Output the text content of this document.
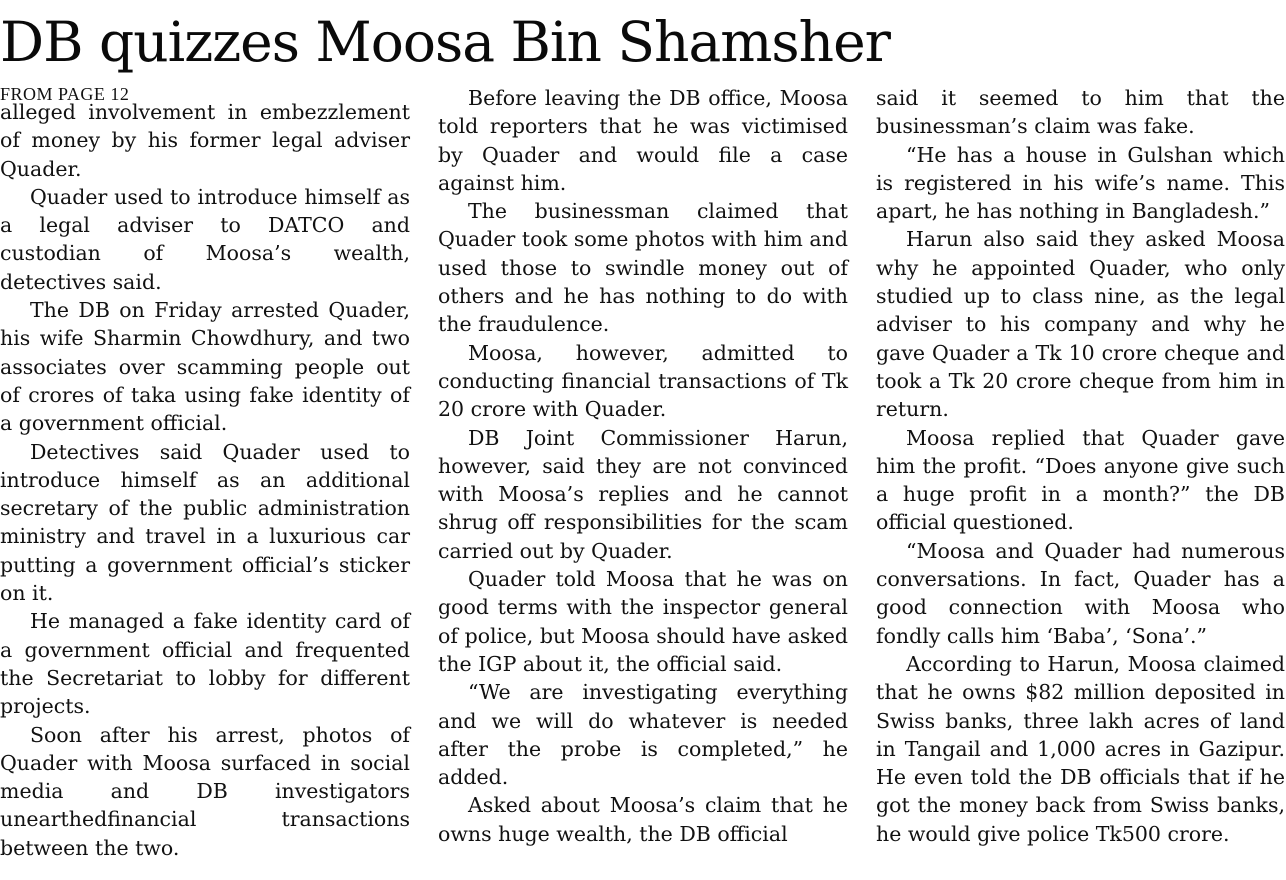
DB quizzes Moosa Bin Shamsher
FROM PAGE 12

alleged involvement in embezzlement of money by his former legal adviser Quader.

Quader used to introduce himself as a legal adviser to DATCO and custodian of Moosa’s wealth, detectives said.

The DB on Friday arrested Quader, his wife Sharmin Chowdhury, and two associates over scamming people out of crores of taka using fake identity of a government official.

Detectives said Quader used to introduce himself as an additional secretary of the public administration ministry and travel in a luxurious car putting a government official’s sticker on it.

He managed a fake identity card of a government official and frequented the Secretariat to lobby for different projects.

Soon after his arrest, photos of Quader with Moosa surfaced in social media and DB investigators unearthedfinancial transactions between the two.

Before leaving the DB office, Moosa told reporters that he was victimised by Quader and would file a case against him.

The businessman claimed that Quader took some photos with him and used those to swindle money out of others and he has nothing to do with the fraudulence.

Moosa, however, admitted to conducting financial transactions of Tk 20 crore with Quader.

DB Joint Commissioner Harun, however, said they are not convinced with Moosa’s replies and he cannot shrug off responsibilities for the scam carried out by Quader.

Quader told Moosa that he was on good terms with the inspector general of police, but Moosa should have asked the IGP about it, the official said.

“We are investigating everything and we will do whatever is needed after the probe is completed,” he added.

Asked about Moosa’s claim that he owns huge wealth, the DB official

said it seemed to him that the businessman’s claim was fake.

“He has a house in Gulshan which is registered in his wife’s name. This apart, he has nothing in Bangladesh.”

Harun also said they asked Moosa why he appointed Quader, who only studied up to class nine, as the legal adviser to his company and why he gave Quader a Tk 10 crore cheque and took a Tk 20 crore cheque from him in return.

Moosa replied that Quader gave him the profit. “Does anyone give such a huge profit in a month?” the DB official questioned.

“Moosa and Quader had numerous conversations. In fact, Quader has a good connection with Moosa who fondly calls him ‘Baba’, ‘Sona’.”

According to Harun, Moosa claimed that he owns $82 million deposited in Swiss banks, three lakh acres of land in Tangail and 1,000 acres in Gazipur. He even told the DB officials that if he got the money back from Swiss banks, he would give police Tk500 crore.
